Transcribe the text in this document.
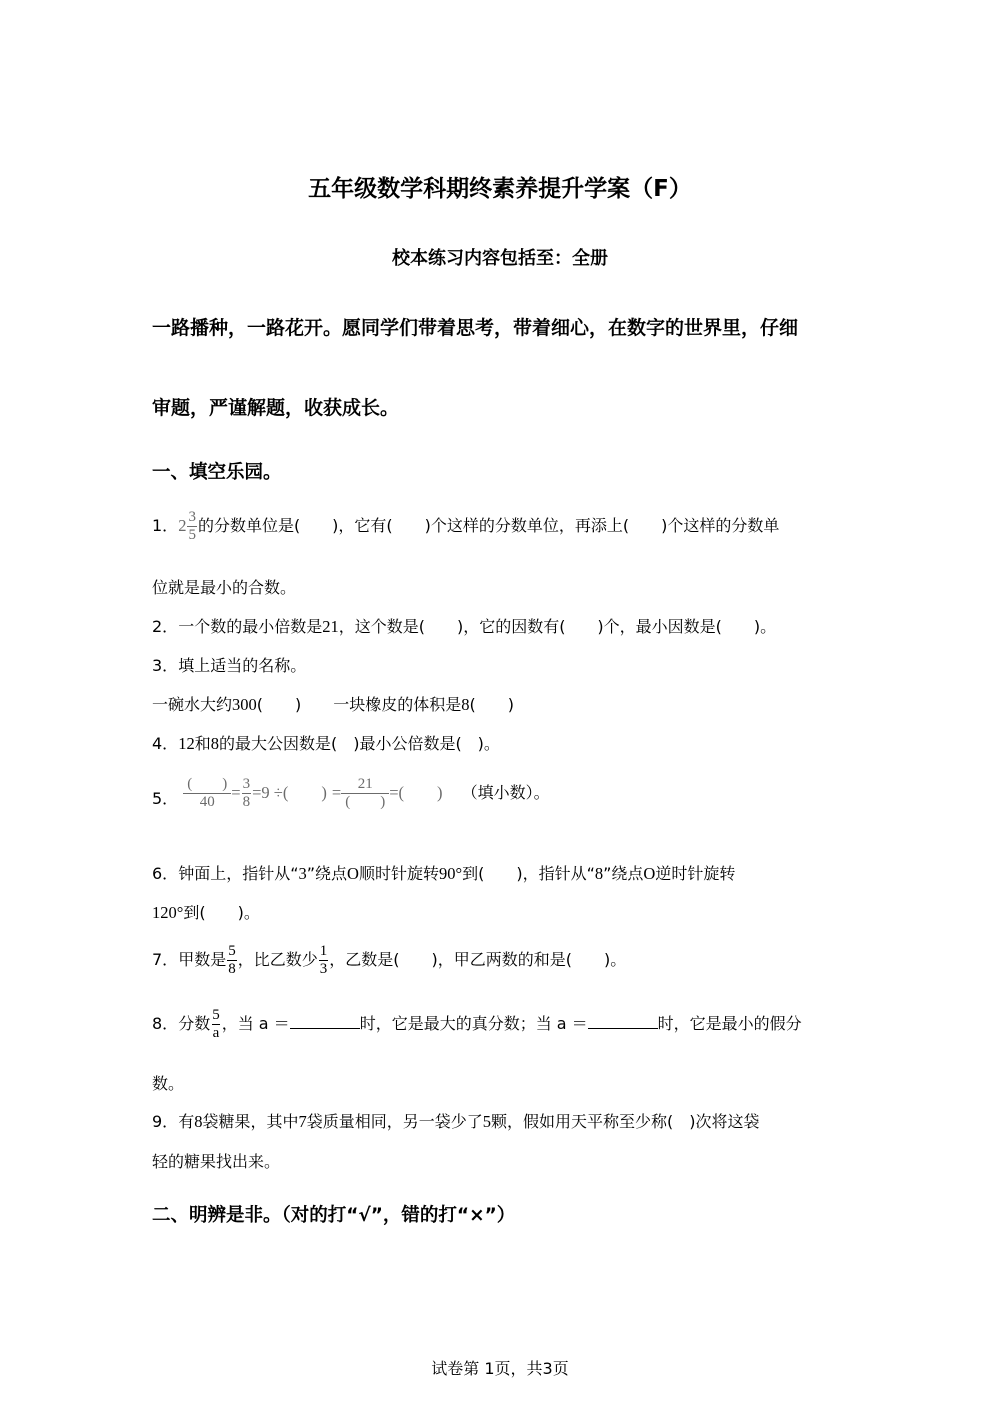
五年级数学科期终素养提升学案（F）
校本练习内容包括至：全册
一路播种，一路花开。愿同学们带着思考，带着细心，在数字的世界里，仔细
审题，严谨解题，收获成长。
一、填空乐园。
1．$2 \frac{3}{5}$ 的分数单位是(　　)，它有(　　)个这样的分数单位，再添上(　　)个这样的分数单
位就是最小的合数。
2．一个数的最小倍数是21，这个数是(　　)，它的因数有(　　)个，最小因数是(　　)。
3．填上适当的名称。
一碗水大约300(　　) 一块橡皮的体积是8(　　)
4．12和8的最大公因数是(　)最小公倍数是(　)。
5． $\frac{( )}{40} = \frac{3}{8} =9$ ÷(　　) = $\frac{21}{( )}$ =(　　) （填小数）。
6．钟面上，指针从“3”绕点O顺时针旋转90°到(　　)，指针从“8”绕点O逆时针旋转
120°到(　　)。
7．甲数是 $\frac{5}{8}$ ，比乙数少 $\frac{1}{3}$ ，乙数是(　　)，甲乙两数的和是(　　)。
8．分数 $\frac{5}{a}$ ，当 a ＝	时，它是最大的真分数；当 a ＝	时，它是最小的假分
数。
9．有8袋糖果，其中7袋质量相同，另一袋少了5颗，假如用天平称至少称(　)次将这袋
轻的糖果找出来。
二、明辨是非。（对的打“√”，错的打“×”）
试卷第 1页，共3页
